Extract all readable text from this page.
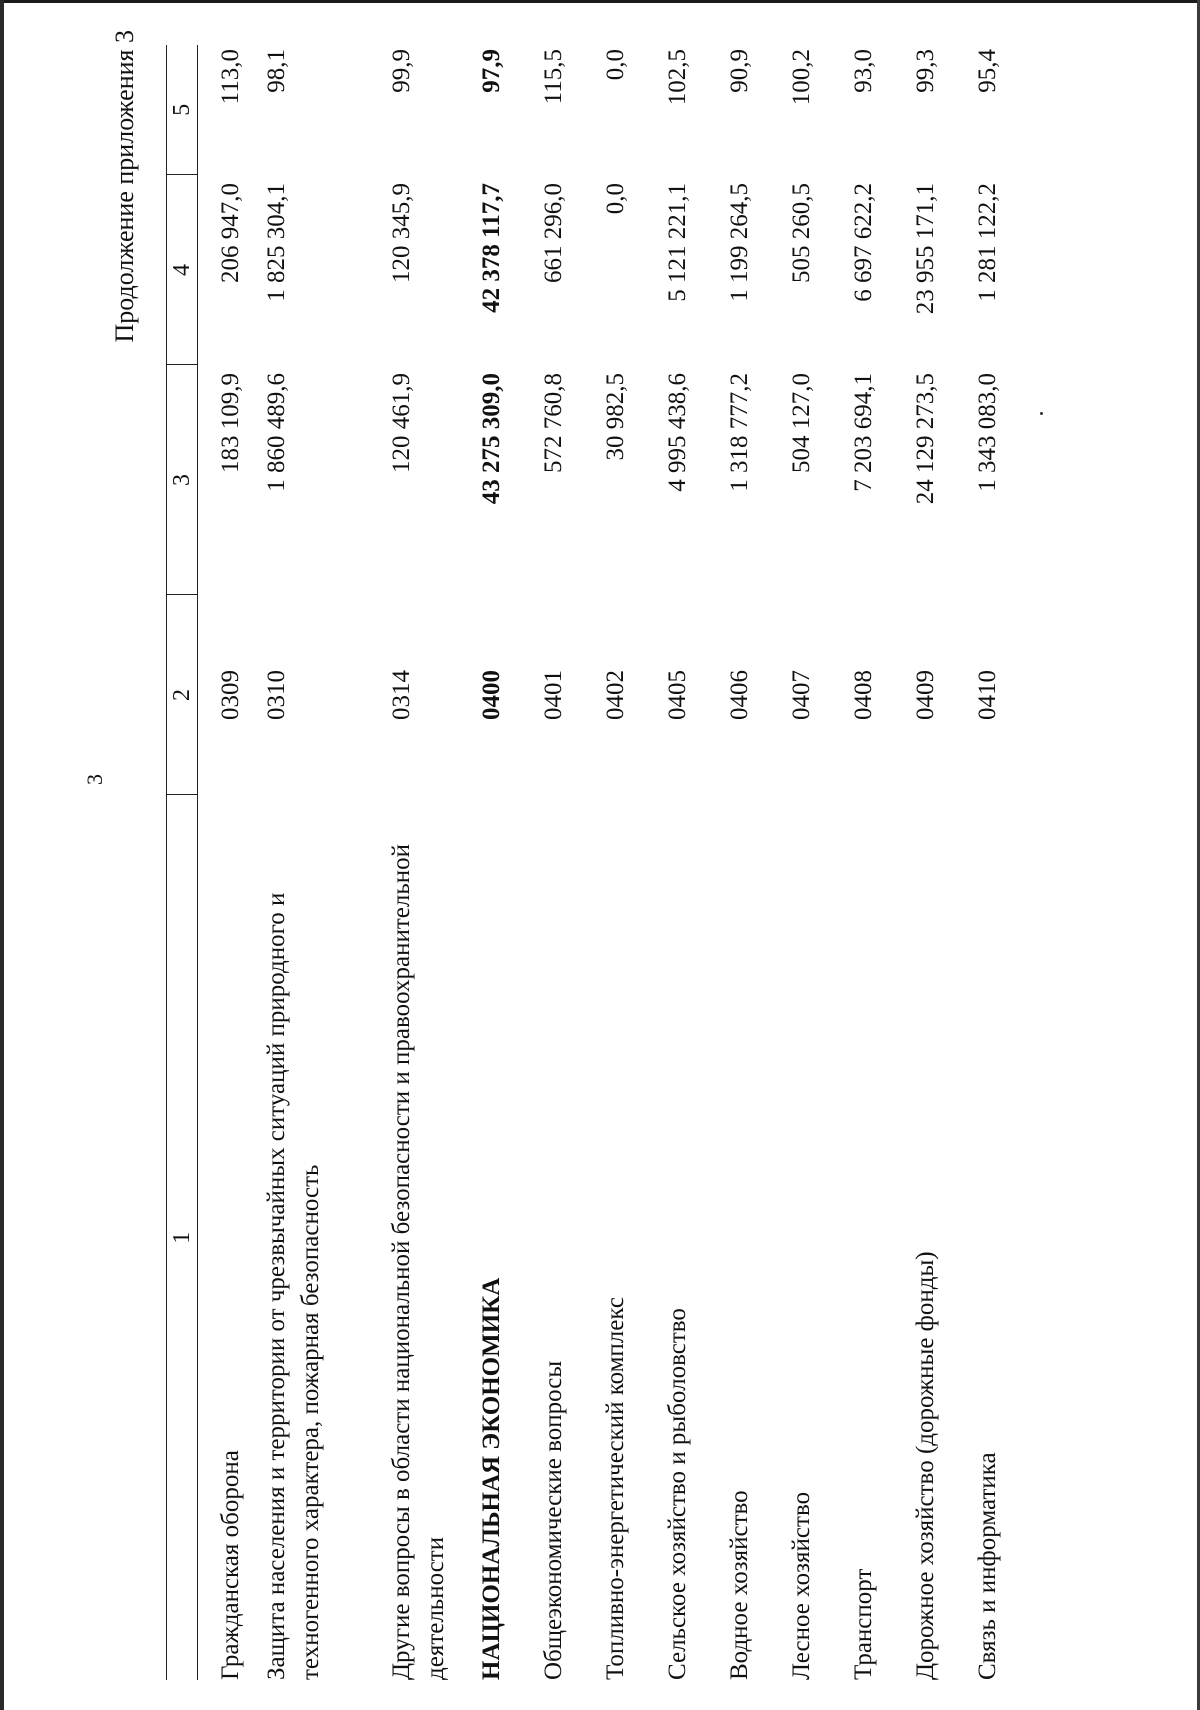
3
Продолжение приложения 3
1	2	3	4	5
Гражданская оборона	0309	183 109,9	206 947,0	113,0
Защита населения и территории от чрезвычайных ситуаций природного и техногенного характера, пожарная безопасность	0310	1 860 489,6	1 825 304,1	98,1
Другие вопросы в области национальной безопасности и правоохранительной деятельности	0314	120 461,9	120 345,9	99,9
НАЦИОНАЛЬНАЯ ЭКОНОМИКА	0400	43 275 309,0	42 378 117,7	97,9
Общеэкономические вопросы	0401	572 760,8	661 296,0	115,5
Топливно-энергетический комплекс	0402	30 982,5	0,0	0,0
Сельское хозяйство и рыболовство	0405	4 995 438,6	5 121 221,1	102,5
Водное хозяйство	0406	1 318 777,2	1 199 264,5	90,9
Лесное хозяйство	0407	504 127,0	505 260,5	100,2
Транспорт	0408	7 203 694,1	6 697 622,2	93,0
Дорожное хозяйство (дорожные фонды)	0409	24 129 273,5	23 955 171,1	99,3
Связь и информатика	0410	1 343 083,0	1 281 122,2	95,4
